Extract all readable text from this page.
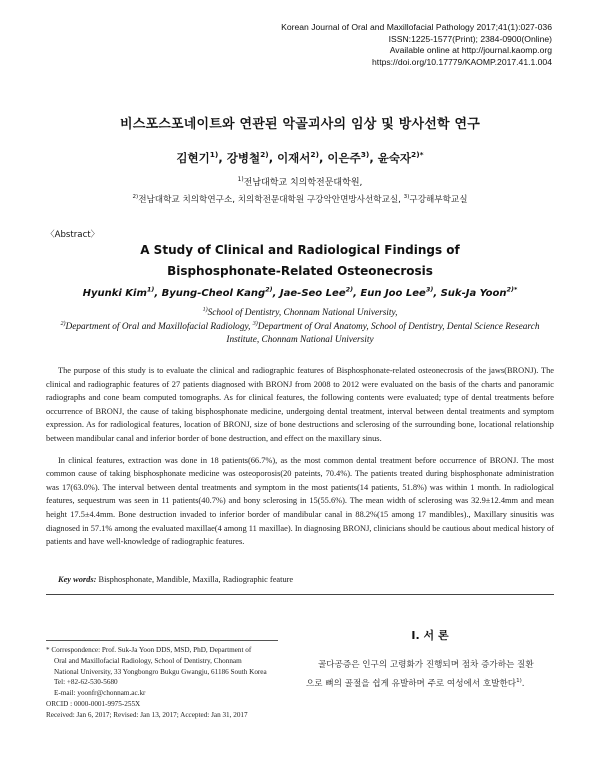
Korean Journal of Oral and Maxillofacial Pathology 2017;41(1):027-036
ISSN:1225-1577(Print); 2384-0900(Online)
Available online at http://journal.kaomp.org
https://doi.org/10.17779/KAOMP.2017.41.1.004
비스포스포네이트와 연관된 악골괴사의 임상 및 방사선학 연구
김현기$^{1)}$, 강병철$^{2)}$, 이재서$^{2)}$, 이은주$^{3)}$, 윤숙자$^{2)*}$
$^{1)}$전남대학교 치의학전문대학원,
$^{2)}$전남대학교 치의학연구소, 치의학전문대학원 구강악안면방사선학교실, $^{3)}$구강해부학교실
〈Abstract〉
A Study of Clinical and Radiological Findings of
Bisphosphonate-Related Osteonecrosis
Hyunki Kim$^{1)}$, Byung-Cheol Kang$^{2)}$, Jae-Seo Lee$^{2)}$, Eun Joo Lee$^{3)}$, Suk-Ja Yoon$^{2)*}$
$^{1)}$School of Dentistry, Chonnam National University,
$^{2)}$Department of Oral and Maxillofacial Radiology, $^{3)}$Department of Oral Anatomy, School of Dentistry, Dental Science Research Institute, Chonnam National University

The purpose of this study is to evaluate the clinical and radiographic features of Bisphosphonate-related osteonecrosis of the jaws(BRONJ). The clinical and radiographic features of 27 patients diagnosed with BRONJ from 2008 to 2012 were evaluated on the basis of the charts and panoramic radiographs and cone beam computed tomographs. As for clinical features, the following contents were evaluated; type of dental treatments before occurrence of BRONJ, the cause of taking bisphosphonate medicine, undergoing dental treatment, interval between dental treatments and symptom expression. As for radiological features, location of BRONJ, size of bone destructions and sclerosing of the surrounding bone, locational relationship between mandibular canal and inferior border of bone destruction, and effect on the maxillary sinus.

In clinical features, extraction was done in 18 patients(66.7%), as the most common dental treatment before occurrence of BRONJ. The most common cause of taking bisphosphonate medicine was osteoporosis(20 pateints, 70.4%). The patients treated during bisphosphonate administration was 17(63.0%). The interval between dental treatments and symptom in the most patients(14 patients, 51.8%) was within 1 month. In radiological features, sequestrum was seen in 11 patients(40.7%) and bony sclerosing in 15(55.6%). The mean width of sclerosing was 32.9±12.4mm and mean height 17.5±4.4mm. Bone destruction invaded to inferior border of mandibular canal in 88.2%(15 among 17 mandibles)., Maxillary sinusitis was diagnosed in 57.1% among the evaluated maxillae(4 among 11 maxillae). In diagnosing BRONJ, clinicians should be cautious about medical history of patients and have well-knowledge of radiographic features.

Key words: Bisphosphonate, Mandible, Maxilla, Radiographic feature
* Correspondence: Prof. Suk-Ja Yoon DDS, MSD, PhD, Department of
Oral and Maxillofacial Radiology, School of Dentistry, Chonnam
National University, 33 Yongbongro Bukgu Gwangju, 61186 South Korea
Tel: +82-62-530-5680
E-mail: yoonfr@chonnam.ac.kr
ORCID : 0000-0001-9975-255X
Received: Jan 6, 2017; Revised: Jan 13, 2017; Accepted: Jan 31, 2017
Ⅰ. 서 론
골다공증은 인구의 고령화가 진행되며 점차 증가하는 질환
으로 뼈의 골절을 쉽게 유발하며 주로 여성에서 호발한다$^{1)}$.
